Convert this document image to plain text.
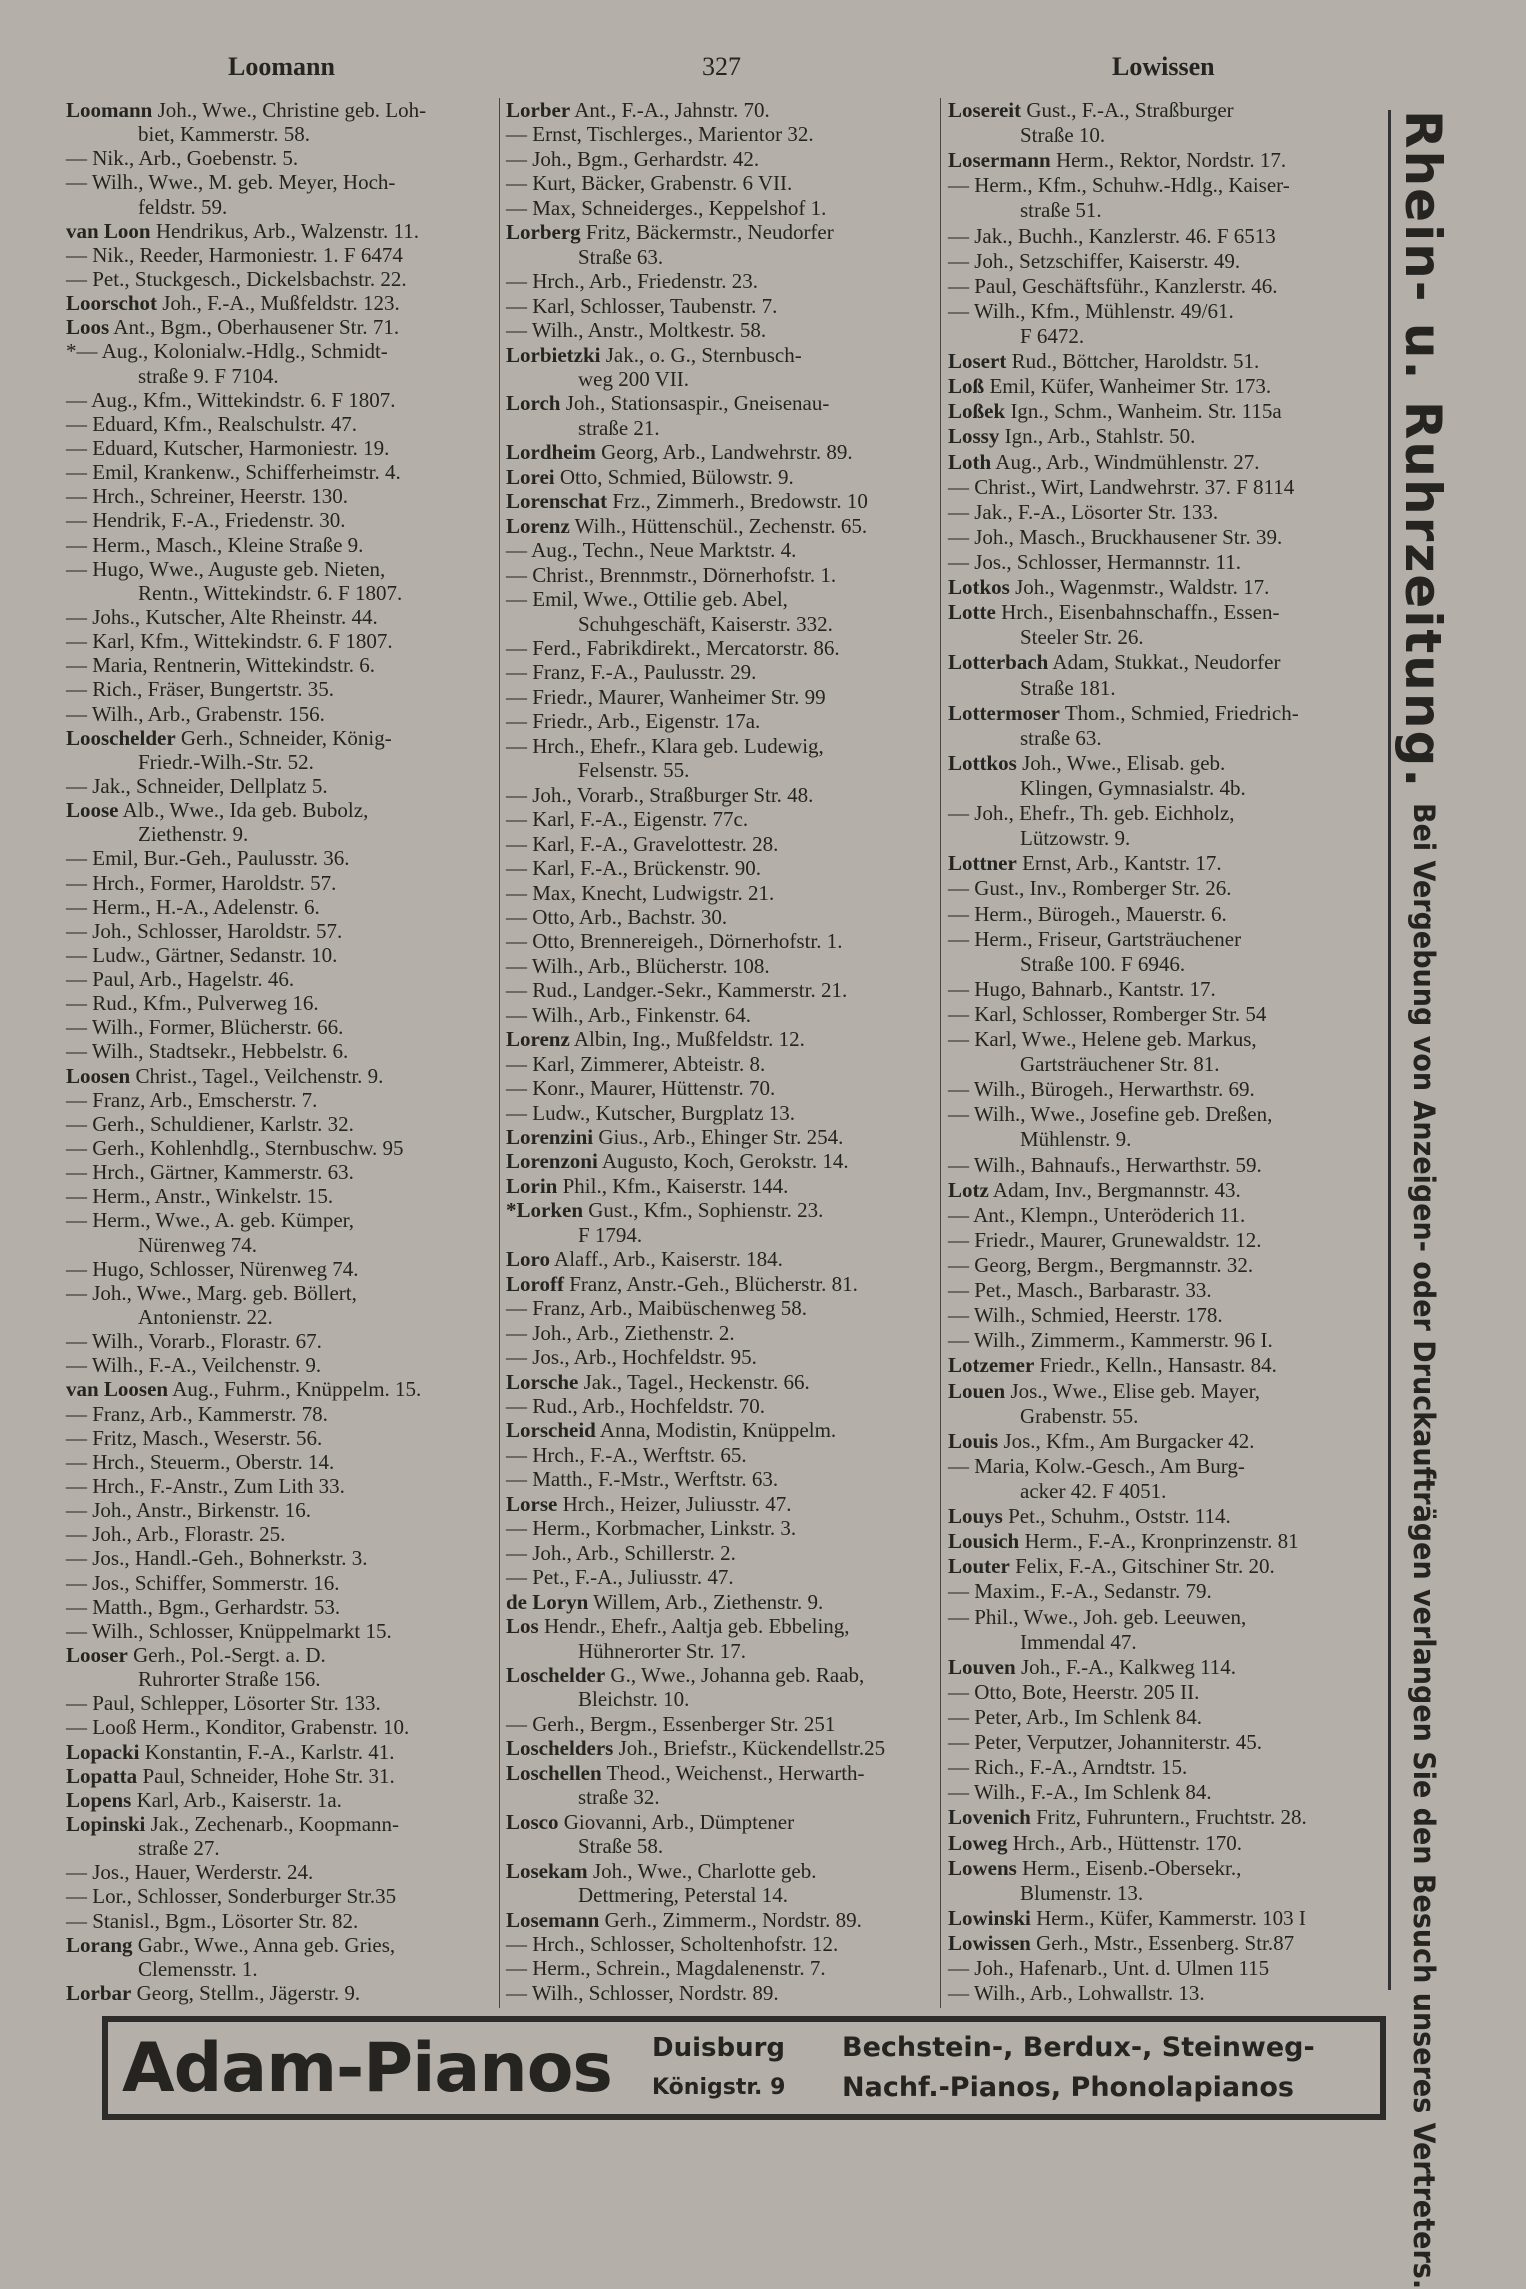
Loomann	327	Lowissen
Loomann Joh., Wwe., Christine geb. Loh-
biet, Kammerstr. 58.
— Nik., Arb., Goebenstr. 5.
— Wilh., Wwe., M. geb. Meyer, Hoch-
feldstr. 59.
van Loon Hendrikus, Arb., Walzenstr. 11.
— Nik., Reeder, Harmoniestr. 1. F 6474
— Pet., Stuckgesch., Dickelsbachstr. 22.
Loorschot Joh., F.-A., Mußfeldstr. 123.
Loos Ant., Bgm., Oberhausener Str. 71.
*— Aug., Kolonialw.-Hdlg., Schmidt-
straße 9. F 7104.
— Aug., Kfm., Wittekindstr. 6. F 1807.
— Eduard, Kfm., Realschulstr. 47.
— Eduard, Kutscher, Harmoniestr. 19.
— Emil, Krankenw., Schifferheimstr. 4.
— Hrch., Schreiner, Heerstr. 130.
— Hendrik, F.-A., Friedenstr. 30.
— Herm., Masch., Kleine Straße 9.
— Hugo, Wwe., Auguste geb. Nieten,
Rentn., Wittekindstr. 6. F 1807.
— Johs., Kutscher, Alte Rheinstr. 44.
— Karl, Kfm., Wittekindstr. 6. F 1807.
— Maria, Rentnerin, Wittekindstr. 6.
— Rich., Fräser, Bungertstr. 35.
— Wilh., Arb., Grabenstr. 156.
Looschelder Gerh., Schneider, König-
Friedr.-Wilh.-Str. 52.
— Jak., Schneider, Dellplatz 5.
Loose Alb., Wwe., Ida geb. Bubolz,
Ziethenstr. 9.
— Emil, Bur.-Geh., Paulusstr. 36.
— Hrch., Former, Haroldstr. 57.
— Herm., H.-A., Adelenstr. 6.
— Joh., Schlosser, Haroldstr. 57.
— Ludw., Gärtner, Sedanstr. 10.
— Paul, Arb., Hagelstr. 46.
— Rud., Kfm., Pulverweg 16.
— Wilh., Former, Blücherstr. 66.
— Wilh., Stadtsekr., Hebbelstr. 6.
Loosen Christ., Tagel., Veilchenstr. 9.
— Franz, Arb., Emscherstr. 7.
— Gerh., Schuldiener, Karlstr. 32.
— Gerh., Kohlenhdlg., Sternbuschw. 95
— Hrch., Gärtner, Kammerstr. 63.
— Herm., Anstr., Winkelstr. 15.
— Herm., Wwe., A. geb. Kümper,
Nürenweg 74.
— Hugo, Schlosser, Nürenweg 74.
— Joh., Wwe., Marg. geb. Böllert,
Antonienstr. 22.
— Wilh., Vorarb., Florastr. 67.
— Wilh., F.-A., Veilchenstr. 9.
van Loosen Aug., Fuhrm., Knüppelm. 15.
— Franz, Arb., Kammerstr. 78.
— Fritz, Masch., Weserstr. 56.
— Hrch., Steuerm., Oberstr. 14.
— Hrch., F.-Anstr., Zum Lith 33.
— Joh., Anstr., Birkenstr. 16.
— Joh., Arb., Florastr. 25.
— Jos., Handl.-Geh., Bohnerkstr. 3.
— Jos., Schiffer, Sommerstr. 16.
— Matth., Bgm., Gerhardstr. 53.
— Wilh., Schlosser, Knüppelmarkt 15.
Looser Gerh., Pol.-Sergt. a. D.
Ruhrorter Straße 156.
— Paul, Schlepper, Lösorter Str. 133.
— Looß Herm., Konditor, Grabenstr. 10.
Lopacki Konstantin, F.-A., Karlstr. 41.
Lopatta Paul, Schneider, Hohe Str. 31.
Lopens Karl, Arb., Kaiserstr. 1a.
Lopinski Jak., Zechenarb., Koopmann-
straße 27.
— Jos., Hauer, Werderstr. 24.
— Lor., Schlosser, Sonderburger Str.35
— Stanisl., Bgm., Lösorter Str. 82.
Lorang Gabr., Wwe., Anna geb. Gries,
Clemensstr. 1.
Lorbar Georg, Stellm., Jägerstr. 9.
Lorber Ant., F.-A., Jahnstr. 70.
— Ernst, Tischlerges., Marientor 32.
— Joh., Bgm., Gerhardstr. 42.
— Kurt, Bäcker, Grabenstr. 6 VII.
— Max, Schneiderges., Keppelshof 1.
Lorberg Fritz, Bäckermstr., Neudorfer
Straße 63.
— Hrch., Arb., Friedenstr. 23.
— Karl, Schlosser, Taubenstr. 7.
— Wilh., Anstr., Moltkestr. 58.
Lorbietzki Jak., o. G., Sternbusch-
weg 200 VII.
Lorch Joh., Stationsaspir., Gneisenau-
straße 21.
Lordheim Georg, Arb., Landwehrstr. 89.
Lorei Otto, Schmied, Bülowstr. 9.
Lorenschat Frz., Zimmerh., Bredowstr. 10
Lorenz Wilh., Hüttenschül., Zechenstr. 65.
— Aug., Techn., Neue Marktstr. 4.
— Christ., Brennmstr., Dörnerhofstr. 1.
— Emil, Wwe., Ottilie geb. Abel,
Schuhgeschäft, Kaiserstr. 332.
— Ferd., Fabrikdirekt., Mercatorstr. 86.
— Franz, F.-A., Paulusstr. 29.
— Friedr., Maurer, Wanheimer Str. 99
— Friedr., Arb., Eigenstr. 17a.
— Hrch., Ehefr., Klara geb. Ludewig,
Felsenstr. 55.
— Joh., Vorarb., Straßburger Str. 48.
— Karl, F.-A., Eigenstr. 77c.
— Karl, F.-A., Gravelottestr. 28.
— Karl, F.-A., Brückenstr. 90.
— Max, Knecht, Ludwigstr. 21.
— Otto, Arb., Bachstr. 30.
— Otto, Brennereigeh., Dörnerhofstr. 1.
— Wilh., Arb., Blücherstr. 108.
— Rud., Landger.-Sekr., Kammerstr. 21.
— Wilh., Arb., Finkenstr. 64.
Lorenz Albin, Ing., Mußfeldstr. 12.
— Karl, Zimmerer, Abteistr. 8.
— Konr., Maurer, Hüttenstr. 70.
— Ludw., Kutscher, Burgplatz 13.
Lorenzini Gius., Arb., Ehinger Str. 254.
Lorenzoni Augusto, Koch, Gerokstr. 14.
Lorin Phil., Kfm., Kaiserstr. 144.
*Lorken Gust., Kfm., Sophienstr. 23.
F 1794.
Loro Alaff., Arb., Kaiserstr. 184.
Loroff Franz, Anstr.-Geh., Blücherstr. 81.
— Franz, Arb., Maibüschenweg 58.
— Joh., Arb., Ziethenstr. 2.
— Jos., Arb., Hochfeldstr. 95.
Lorsche Jak., Tagel., Heckenstr. 66.
— Rud., Arb., Hochfeldstr. 70.
Lorscheid Anna, Modistin, Knüppelm.
— Hrch., F.-A., Werftstr. 65.
— Matth., F.-Mstr., Werftstr. 63.
Lorse Hrch., Heizer, Juliusstr. 47.
— Herm., Korbmacher, Linkstr. 3.
— Joh., Arb., Schillerstr. 2.
— Pet., F.-A., Juliusstr. 47.
de Loryn Willem, Arb., Ziethenstr. 9.
Los Hendr., Ehefr., Aaltja geb. Ebbeling,
Hühnerorter Str. 17.
Loschelder G., Wwe., Johanna geb. Raab,
Bleichstr. 10.
— Gerh., Bergm., Essenberger Str. 251
Loschelders Joh., Briefstr., Kückendellstr.25
Loschellen Theod., Weichenst., Herwarth-
straße 32.
Losco Giovanni, Arb., Dümptener
Straße 58.
Losekam Joh., Wwe., Charlotte geb.
Dettmering, Peterstal 14.
Losemann Gerh., Zimmerm., Nordstr. 89.
— Hrch., Schlosser, Scholtenhofstr. 12.
— Herm., Schrein., Magdalenenstr. 7.
— Wilh., Schlosser, Nordstr. 89.
Losereit Gust., F.-A., Straßburger
Straße 10.
Losermann Herm., Rektor, Nordstr. 17.
— Herm., Kfm., Schuhw.-Hdlg., Kaiser-
straße 51.
— Jak., Buchh., Kanzlerstr. 46. F 6513
— Joh., Setzschiffer, Kaiserstr. 49.
— Paul, Geschäftsführ., Kanzlerstr. 46.
— Wilh., Kfm., Mühlenstr. 49/61.
F 6472.
Losert Rud., Böttcher, Haroldstr. 51.
Loß Emil, Küfer, Wanheimer Str. 173.
Loßek Ign., Schm., Wanheim. Str. 115a
Lossy Ign., Arb., Stahlstr. 50.
Loth Aug., Arb., Windmühlenstr. 27.
— Christ., Wirt, Landwehrstr. 37. F 8114
— Jak., F.-A., Lösorter Str. 133.
— Joh., Masch., Bruckhausener Str. 39.
— Jos., Schlosser, Hermannstr. 11.
Lotkos Joh., Wagenmstr., Waldstr. 17.
Lotte Hrch., Eisenbahnschaffn., Essen-
Steeler Str. 26.
Lotterbach Adam, Stukkat., Neudorfer
Straße 181.
Lottermoser Thom., Schmied, Friedrich-
straße 63.
Lottkos Joh., Wwe., Elisab. geb.
Klingen, Gymnasialstr. 4b.
— Joh., Ehefr., Th. geb. Eichholz,
Lützowstr. 9.
Lottner Ernst, Arb., Kantstr. 17.
— Gust., Inv., Romberger Str. 26.
— Herm., Bürogeh., Mauerstr. 6.
— Herm., Friseur, Gartsträuchener
Straße 100. F 6946.
— Hugo, Bahnarb., Kantstr. 17.
— Karl, Schlosser, Romberger Str. 54
— Karl, Wwe., Helene geb. Markus,
Gartsträuchener Str. 81.
— Wilh., Bürogeh., Herwarthstr. 69.
— Wilh., Wwe., Josefine geb. Dreßen,
Mühlenstr. 9.
— Wilh., Bahnaufs., Herwarthstr. 59.
Lotz Adam, Inv., Bergmannstr. 43.
— Ant., Klempn., Unteröderich 11.
— Friedr., Maurer, Grunewaldstr. 12.
— Georg, Bergm., Bergmannstr. 32.
— Pet., Masch., Barbarastr. 33.
— Wilh., Schmied, Heerstr. 178.
— Wilh., Zimmerm., Kammerstr. 96 I.
Lotzemer Friedr., Kelln., Hansastr. 84.
Louen Jos., Wwe., Elise geb. Mayer,
Grabenstr. 55.
Louis Jos., Kfm., Am Burgacker 42.
— Maria, Kolw.-Gesch., Am Burg-
acker 42. F 4051.
Louys Pet., Schuhm., Oststr. 114.
Lousich Herm., F.-A., Kronprinzenstr. 81
Louter Felix, F.-A., Gitschiner Str. 20.
— Maxim., F.-A., Sedanstr. 79.
— Phil., Wwe., Joh. geb. Leeuwen,
Immendal 47.
Louven Joh., F.-A., Kalkweg 114.
— Otto, Bote, Heerstr. 205 II.
— Peter, Arb., Im Schlenk 84.
— Peter, Verputzer, Johanniterstr. 45.
— Rich., F.-A., Arndtstr. 15.
— Wilh., F.-A., Im Schlenk 84.
Lovenich Fritz, Fuhruntern., Fruchtstr. 28.
Loweg Hrch., Arb., Hüttenstr. 170.
Lowens Herm., Eisenb.-Obersekr.,
Blumenstr. 13.
Lowinski Herm., Küfer, Kammerstr. 103 I
Lowissen Gerh., Mstr., Essenberg. Str.87
— Joh., Hafenarb., Unt. d. Ulmen 115
— Wilh., Arb., Lohwallstr. 13.
Rhein- u. Ruhrzeitung.
Bei Vergebung von Anzeigen- oder Druckaufträgen verlangen Sie den Besuch unseres Vertreters.
Adam-Pianos	Duisburg
Königstr. 9
Bechstein-, Berdux-, Steinweg-
Nachf.-Pianos, Phonolapianos
